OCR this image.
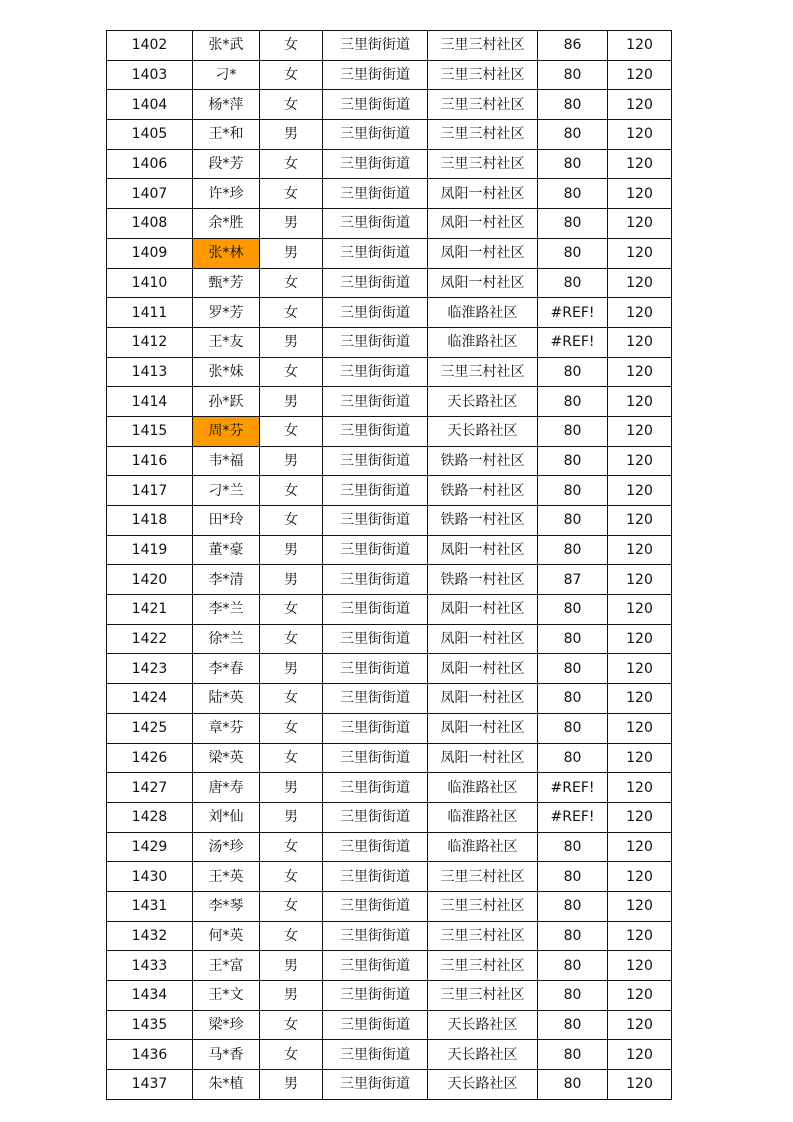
1402	张*武	女	三里街街道	三里三村社区	86	120
1403	刁*	女	三里街街道	三里三村社区	80	120
1404	杨*萍	女	三里街街道	三里三村社区	80	120
1405	王*和	男	三里街街道	三里三村社区	80	120
1406	段*芳	女	三里街街道	三里三村社区	80	120
1407	许*珍	女	三里街街道	凤阳一村社区	80	120
1408	余*胜	男	三里街街道	凤阳一村社区	80	120
1409	张*林	男	三里街街道	凤阳一村社区	80	120
1410	甄*芳	女	三里街街道	凤阳一村社区	80	120
1411	罗*芳	女	三里街街道	临淮路社区	#REF!	120
1412	王*友	男	三里街街道	临淮路社区	#REF!	120
1413	张*妹	女	三里街街道	三里三村社区	80	120
1414	孙*跃	男	三里街街道	天长路社区	80	120
1415	周*芬	女	三里街街道	天长路社区	80	120
1416	韦*福	男	三里街街道	铁路一村社区	80	120
1417	刁*兰	女	三里街街道	铁路一村社区	80	120
1418	田*玲	女	三里街街道	铁路一村社区	80	120
1419	董*豪	男	三里街街道	凤阳一村社区	80	120
1420	李*清	男	三里街街道	铁路一村社区	87	120
1421	李*兰	女	三里街街道	凤阳一村社区	80	120
1422	徐*兰	女	三里街街道	凤阳一村社区	80	120
1423	李*春	男	三里街街道	凤阳一村社区	80	120
1424	陆*英	女	三里街街道	凤阳一村社区	80	120
1425	章*芬	女	三里街街道	凤阳一村社区	80	120
1426	梁*英	女	三里街街道	凤阳一村社区	80	120
1427	唐*寿	男	三里街街道	临淮路社区	#REF!	120
1428	刘*仙	男	三里街街道	临淮路社区	#REF!	120
1429	汤*珍	女	三里街街道	临淮路社区	80	120
1430	王*英	女	三里街街道	三里三村社区	80	120
1431	李*琴	女	三里街街道	三里三村社区	80	120
1432	何*英	女	三里街街道	三里三村社区	80	120
1433	王*富	男	三里街街道	三里三村社区	80	120
1434	王*文	男	三里街街道	三里三村社区	80	120
1435	梁*珍	女	三里街街道	天长路社区	80	120
1436	马*香	女	三里街街道	天长路社区	80	120
1437	朱*植	男	三里街街道	天长路社区	80	120
